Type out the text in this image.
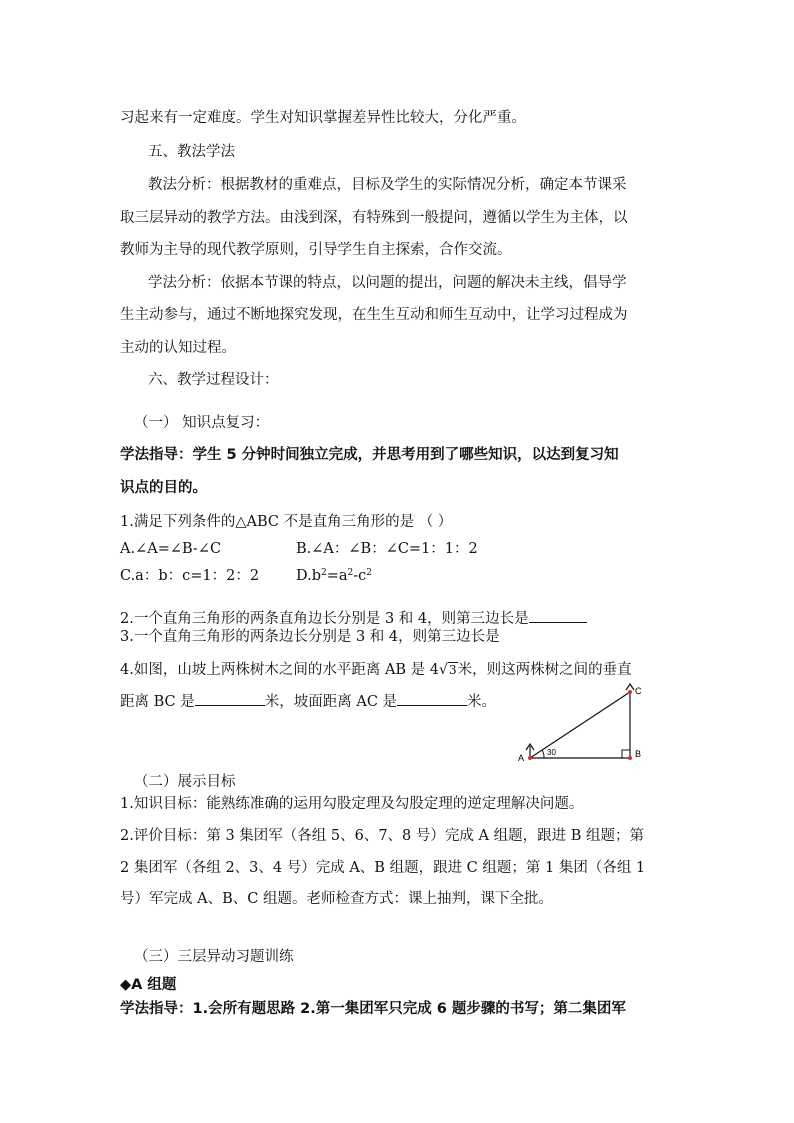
习起来有一定难度。学生对知识掌握差异性比较大，分化严重。
五、教法学法
教法分析：根据教材的重难点，目标及学生的实际情况分析，确定本节课采
取三层异动的教学方法。由浅到深，有特殊到一般提问，遵循以学生为主体，以
教师为主导的现代教学原则，引导学生自主探索，合作交流。
学法分析：依据本节课的特点，以问题的提出，问题的解决未主线，倡导学
生主动参与，通过不断地探究发现，在生生互动和师生互动中，让学习过程成为
主动的认知过程。
六、教学过程设计：
（一） 知识点复习：
学法指导：学生 5 分钟时间独立完成，并思考用到了哪些知识，以达到复习知
识点的目的。
1.满足下列条件的△ABC 不是直角三角形的是 （ ）
A.∠A=∠B-∠C	B.∠A：∠B：∠C=1：1：2
C.a：b：c=1：2：2	$D.b^2=a^2-c^2$
2.一个直角三角形的两条直角边长分别是 3 和 4，则第三边长是
3.一个直角三角形的两条边长分别是 3 和 4，则第三边长是
4.如图，山坡上两株树木之间的水平距离 AB 是 4√3米，则这两株树之间的垂直
距离 BC 是	米，坡面距离 AC 是	米。
A	B
C
30
（二）展示目标
1.知识目标：能熟练准确的运用勾股定理及勾股定理的逆定理解决问题。
2.评价目标：第 3 集团军（各组 5、6、7、8 号）完成 A 组题，跟进 B 组题；第
2 集团军（各组 2、3、4 号）完成 A、B 组题，跟进 C 组题；第 1 集团（各组 1
号）军完成 A、B、C 组题。老师检查方式：课上抽判，课下全批。
（三）三层异动习题训练
◆A 组题
学法指导：1.会所有题思路 2.第一集团军只完成 6 题步骤的书写；第二集团军
